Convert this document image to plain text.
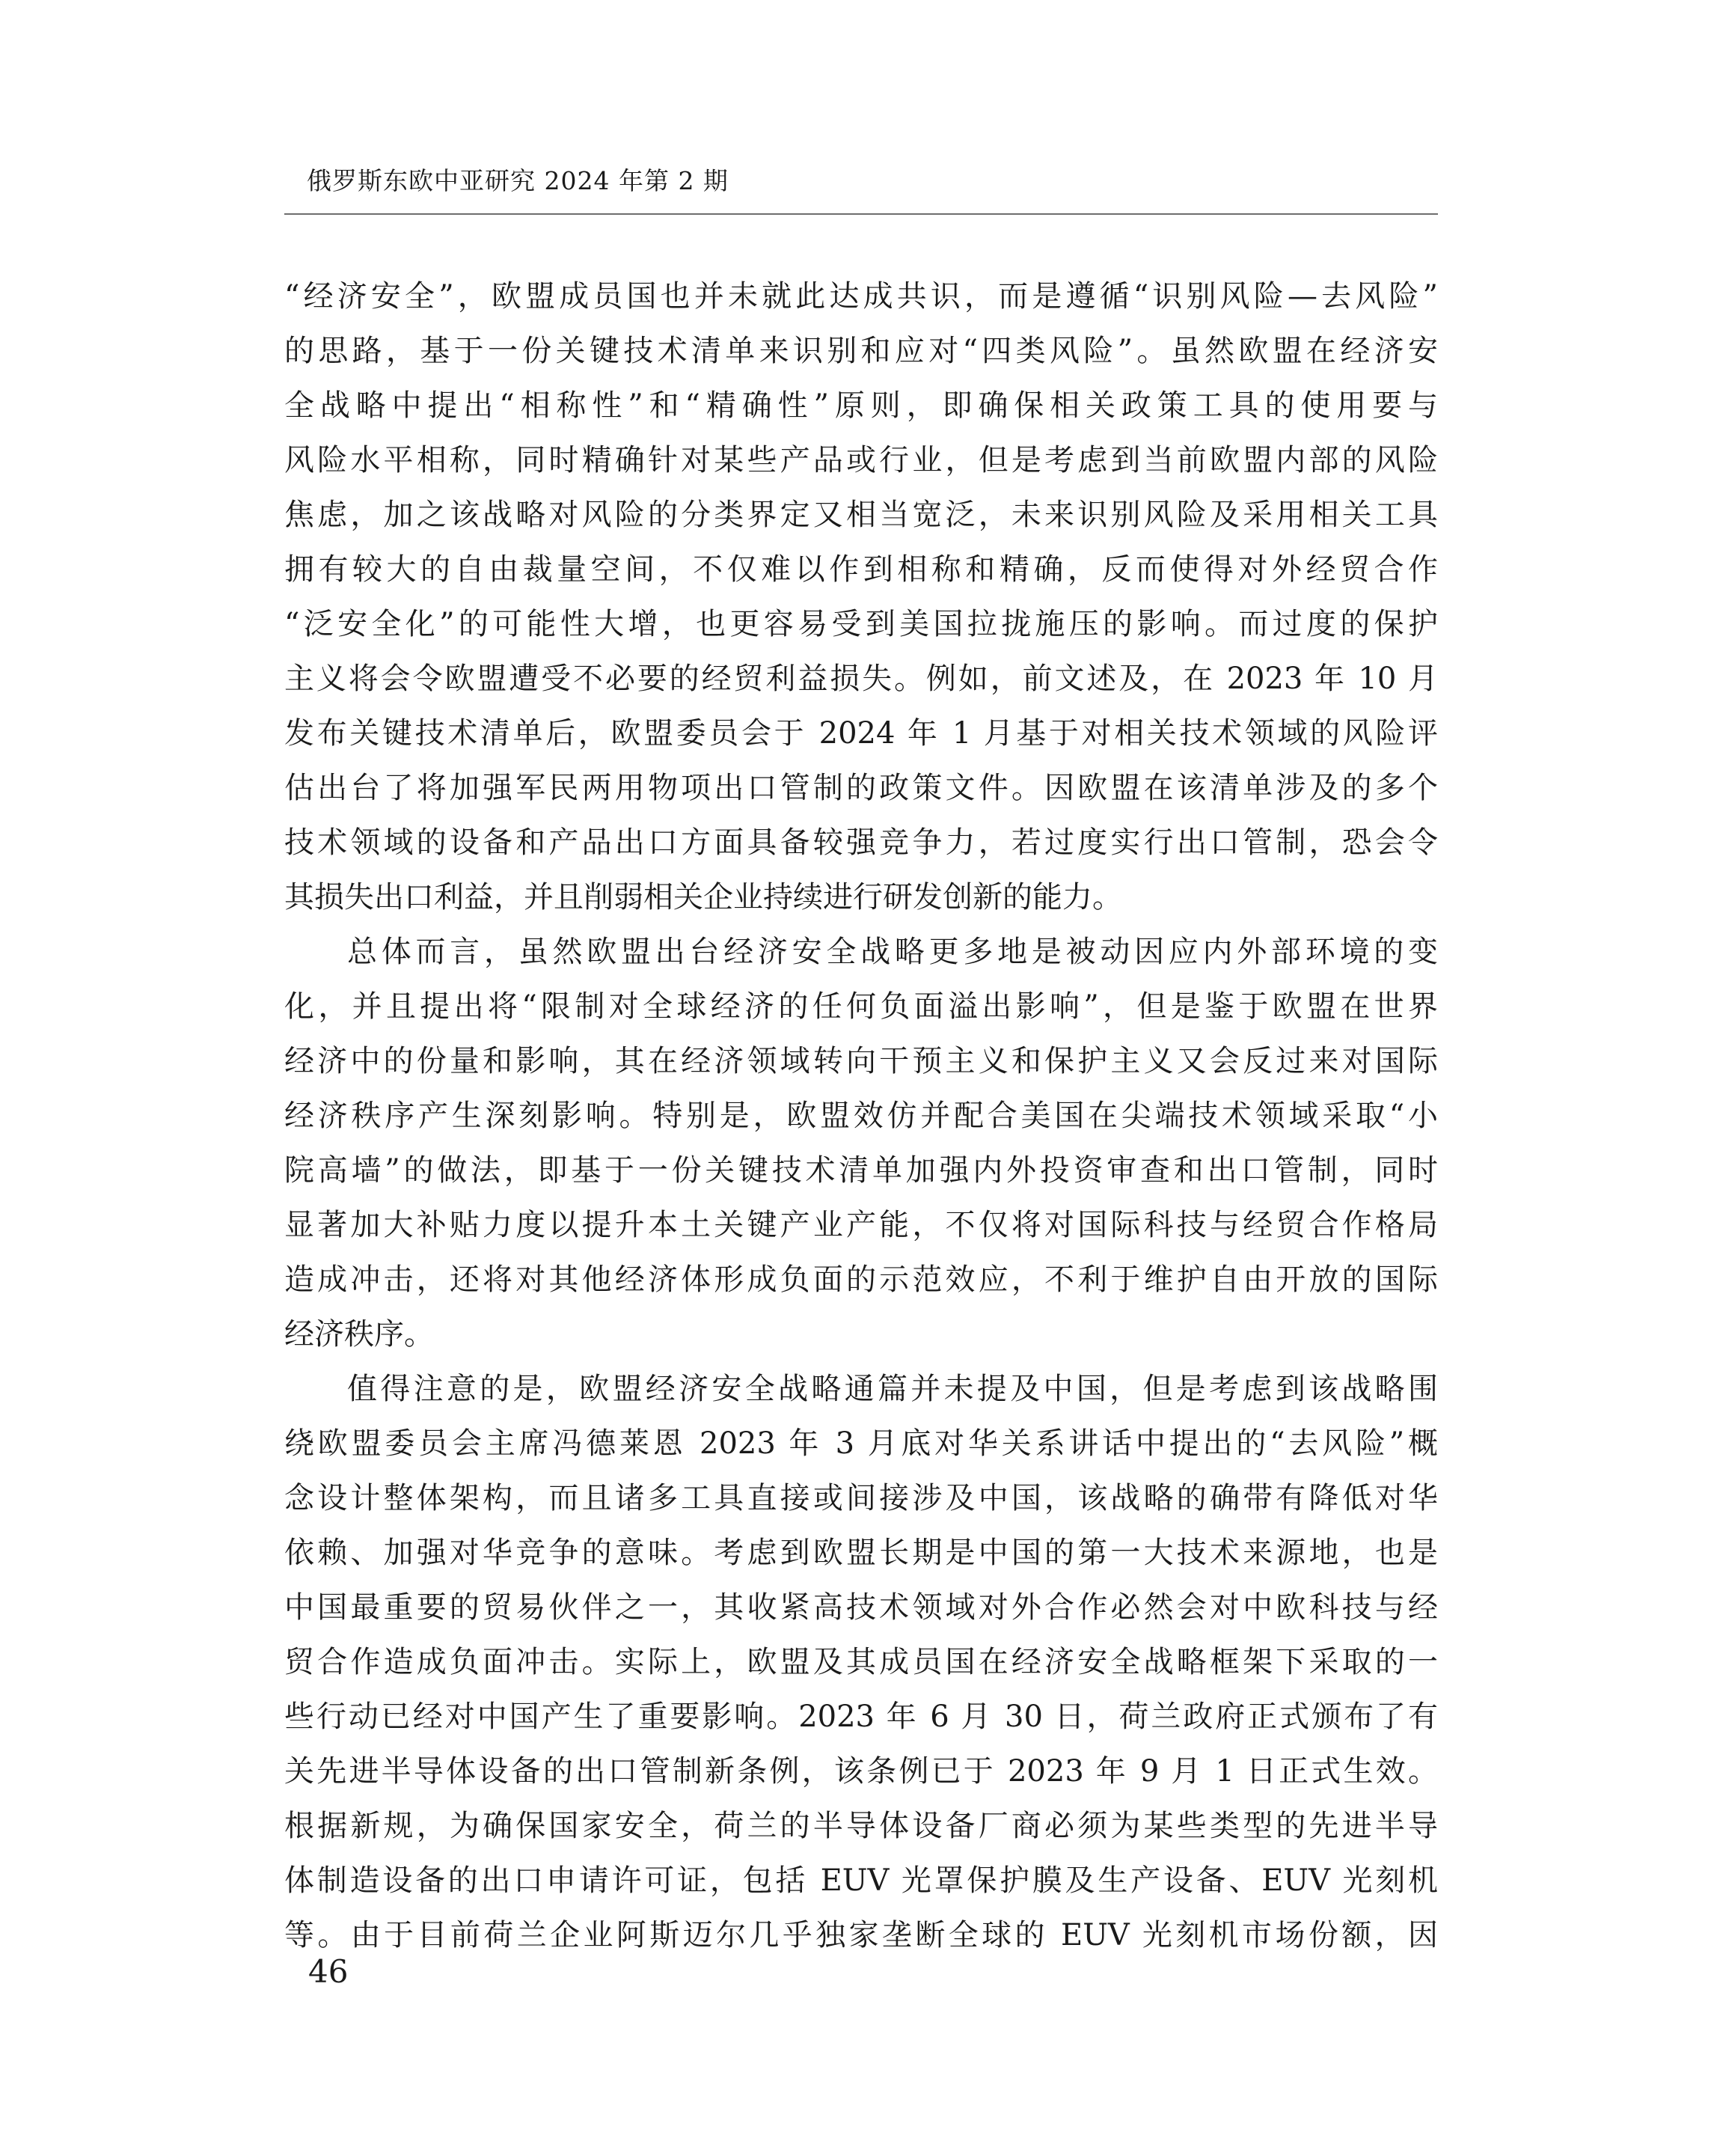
俄罗斯东欧中亚研究 2024 年第 2 期
“经济安全”，欧盟成员国也并未就此达成共识，而是遵循“识别风险—去风险”
的思路，基于一份关键技术清单来识别和应对“四类风险”。虽然欧盟在经济安
全战略中提出“相称性”和“精确性”原则，即确保相关政策工具的使用要与
风险水平相称，同时精确针对某些产品或行业，但是考虑到当前欧盟内部的风险
焦虑，加之该战略对风险的分类界定又相当宽泛，未来识别风险及采用相关工具
拥有较大的自由裁量空间，不仅难以作到相称和精确，反而使得对外经贸合作
“泛安全化”的可能性大增，也更容易受到美国拉拢施压的影响。而过度的保护
主义将会令欧盟遭受不必要的经贸利益损失。例如，前文述及，在 2023 年 10 月
发布关键技术清单后，欧盟委员会于 2024 年 1 月基于对相关技术领域的风险评
估出台了将加强军民两用物项出口管制的政策文件。因欧盟在该清单涉及的多个
技术领域的设备和产品出口方面具备较强竞争力，若过度实行出口管制，恐会令
其损失出口利益，并且削弱相关企业持续进行研发创新的能力。
总体而言，虽然欧盟出台经济安全战略更多地是被动因应内外部环境的变
化，并且提出将“限制对全球经济的任何负面溢出影响”，但是鉴于欧盟在世界
经济中的份量和影响，其在经济领域转向干预主义和保护主义又会反过来对国际
经济秩序产生深刻影响。特别是，欧盟效仿并配合美国在尖端技术领域采取“小
院高墙”的做法，即基于一份关键技术清单加强内外投资审查和出口管制，同时
显著加大补贴力度以提升本土关键产业产能，不仅将对国际科技与经贸合作格局
造成冲击，还将对其他经济体形成负面的示范效应，不利于维护自由开放的国际
经济秩序。
值得注意的是，欧盟经济安全战略通篇并未提及中国，但是考虑到该战略围
绕欧盟委员会主席冯德莱恩 2023 年 3 月底对华关系讲话中提出的“去风险”概
念设计整体架构，而且诸多工具直接或间接涉及中国，该战略的确带有降低对华
依赖、加强对华竞争的意味。考虑到欧盟长期是中国的第一大技术来源地，也是
中国最重要的贸易伙伴之一，其收紧高技术领域对外合作必然会对中欧科技与经
贸合作造成负面冲击。实际上，欧盟及其成员国在经济安全战略框架下采取的一
些行动已经对中国产生了重要影响。2023 年 6 月 30 日，荷兰政府正式颁布了有
关先进半导体设备的出口管制新条例，该条例已于 2023 年 9 月 1 日正式生效。
根据新规，为确保国家安全，荷兰的半导体设备厂商必须为某些类型的先进半导
体制造设备的出口申请许可证，包括 EUV 光罩保护膜及生产设备、EUV 光刻机
等。由于目前荷兰企业阿斯迈尔几乎独家垄断全球的 EUV 光刻机市场份额，因
46
